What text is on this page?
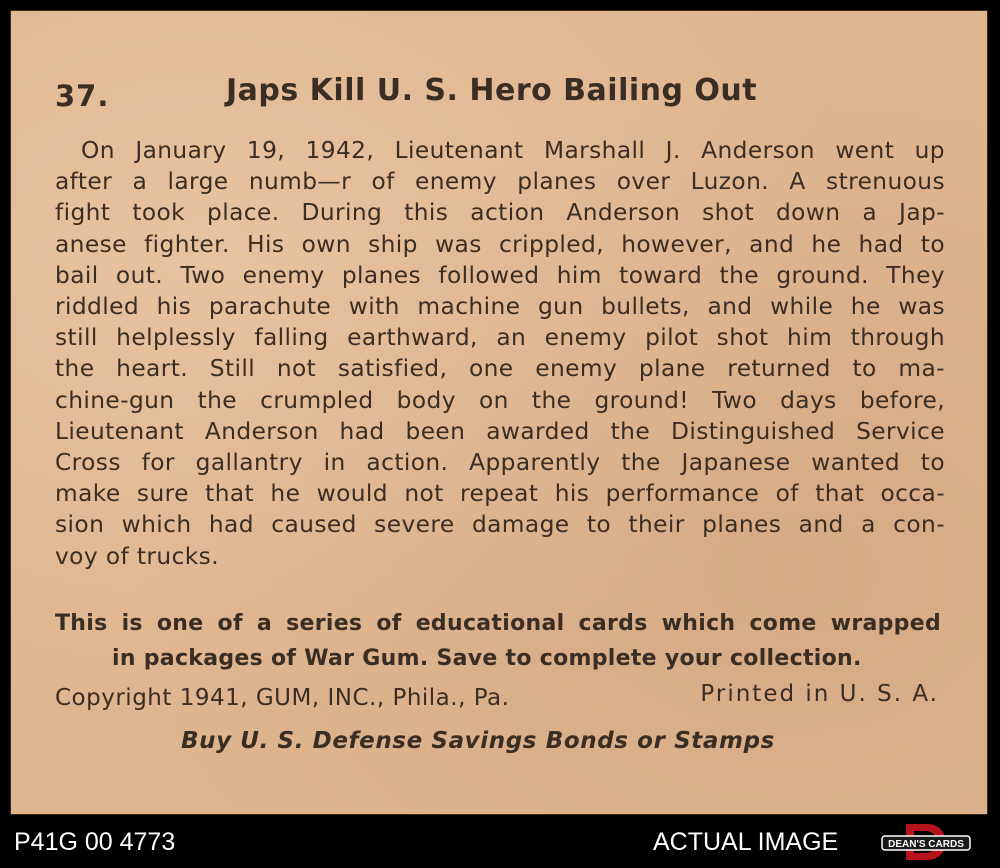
37.	Japs Kill U. S. Hero Bailing Out
On January 19, 1942, Lieutenant Marshall J. Anderson went up
after a large numb—r of enemy planes over Luzon. A strenuous
fight took place. During this action Anderson shot down a Jap-
anese fighter. His own ship was crippled, however, and he had to
bail out. Two enemy planes followed him toward the ground. They
riddled his parachute with machine gun bullets, and while he was
still helplessly falling earthward, an enemy pilot shot him through
the heart. Still not satisfied, one enemy plane returned to ma-
chine-gun the crumpled body on the ground! Two days before,
Lieutenant Anderson had been awarded the Distinguished Service
Cross for gallantry in action. Apparently the Japanese wanted to
make sure that he would not repeat his performance of that occa-
sion which had caused severe damage to their planes and a con-
voy of trucks.
This is one of a series of educational cards which come wrapped
in packages of War Gum. Save to complete your collection.
Copyright 1941, GUM, INC., Phila., Pa.	Printed in U. S. A.
Buy U. S. Defense Savings Bonds or Stamps
P41G 00 4773	ACTUAL IMAGE	DEAN'S CARDS
